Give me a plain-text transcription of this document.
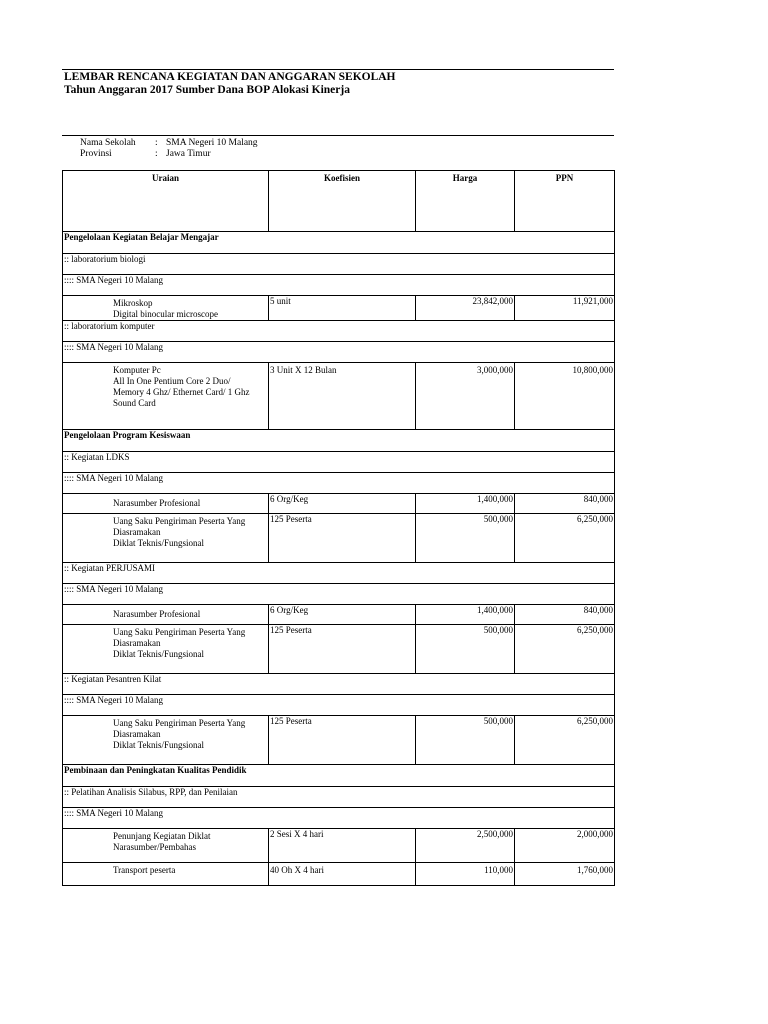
LEMBAR RENCANA KEGIATAN DAN ANGGARAN SEKOLAH
Tahun Anggaran 2017 Sumber Dana BOP Alokasi Kinerja
Nama Sekolah : SMA Negeri 10 Malang
Provinsi	: Jawa Timur
Uraian	Koefisien	Harga	PPN
Pengelolaan Kegiatan Belajar Mengajar			
:: laboratorium biologi			
:::: SMA Negeri 10 Malang			

Mikroskop
Digital binocular microscope	5 unit	23,842,000	11,921,000
:: laboratorium komputer			
:::: SMA Negeri 10 Malang			

Komputer Pc
All In One Pentium Core 2 Duo/
Memory 4 Ghz/ Ethernet Card/ 1 Ghz
Sound Card	3 Unit X 12 Bulan	3,000,000	10,800,000
Pengelolaan Program Kesiswaan			
:: Kegiatan LDKS			
:::: SMA Negeri 10 Malang			

Narasumber Profesional	6 Org/Keg	1,400,000	840,000

Uang Saku Pengiriman Peserta Yang
Diasramakan
Diklat Teknis/Fungsional	125 Peserta	500,000	6,250,000
:: Kegiatan PERJUSAMI			
:::: SMA Negeri 10 Malang			

Narasumber Profesional	6 Org/Keg	1,400,000	840,000

Uang Saku Pengiriman Peserta Yang
Diasramakan
Diklat Teknis/Fungsional	125 Peserta	500,000	6,250,000
:: Kegiatan Pesantren Kilat			
:::: SMA Negeri 10 Malang			

Uang Saku Pengiriman Peserta Yang
Diasramakan
Diklat Teknis/Fungsional	125 Peserta	500,000	6,250,000
Pembinaan dan Peningkatan Kualitas Pendidik			
:: Pelatihan Analisis Silabus, RPP, dan Penilaian			
:::: SMA Negeri 10 Malang			

Penunjang Kegiatan Diklat
Narasumber/Pembahas	2 Sesi X 4 hari	2,500,000	2,000,000

Transport peserta	40 Oh X 4 hari	110,000	1,760,000
